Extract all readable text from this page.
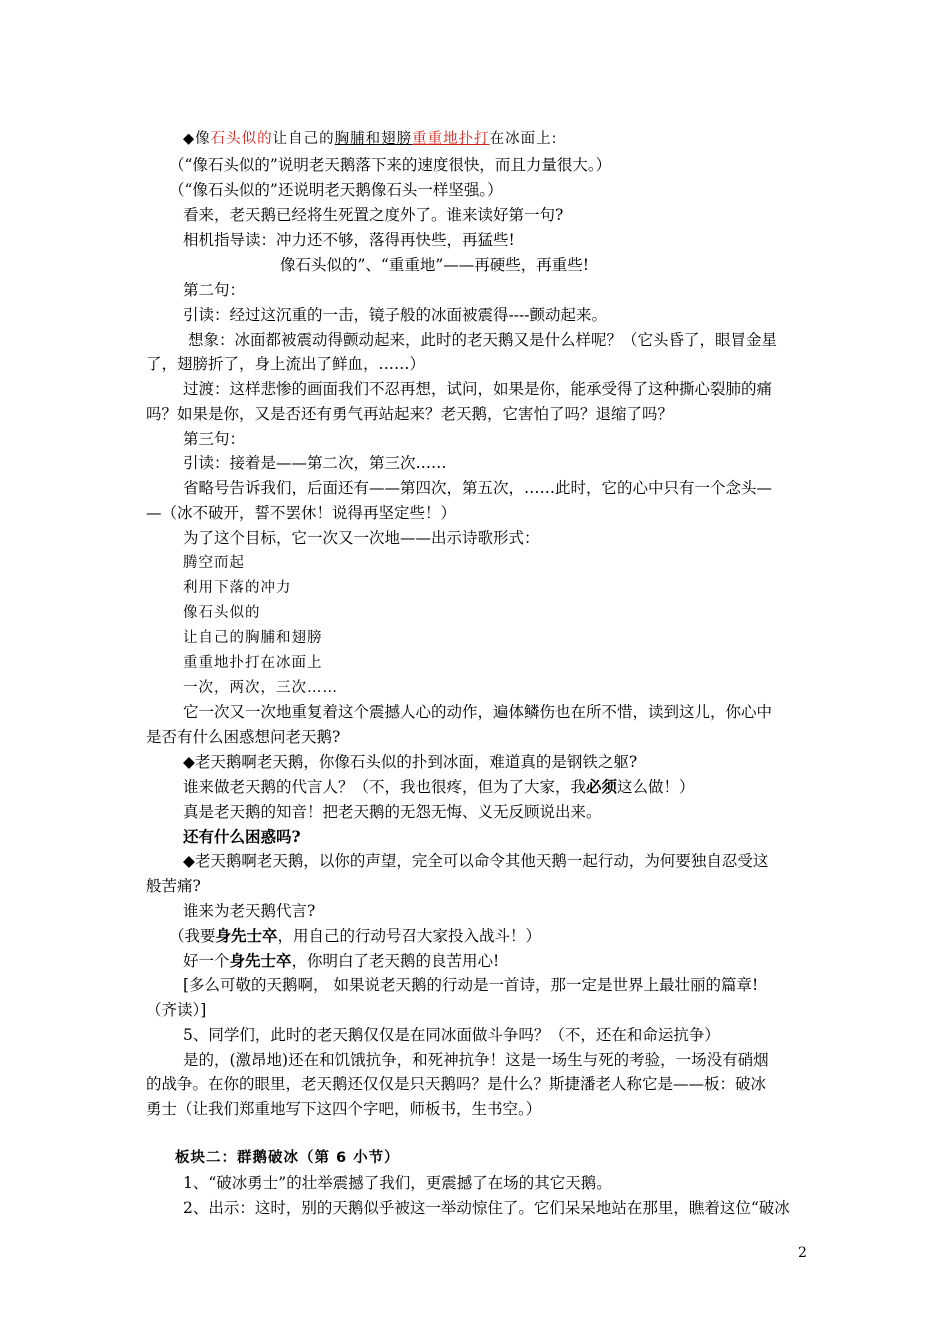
◆像石头似的让自己的胸脯和翅膀重重地扑打在冰面上:
（“像石头似的”说明老天鹅落下来的速度很快，而且力量很大。）
（“像石头似的”还说明老天鹅像石头一样坚强。）
看来，老天鹅已经将生死置之度外了。谁来读好第一句?
相机指导读：冲力还不够，落得再快些，再猛些!
像石头似的”、“重重地”——再硬些，再重些!
第二句：
引读：经过这沉重的一击，镜子般的冰面被震得----颤动起来。
想象：冰面都被震动得颤动起来，此时的老天鹅又是什么样呢？（它头昏了，眼冒金星
了，翅膀折了，身上流出了鲜血，……）
过渡：这样悲惨的画面我们不忍再想，试问，如果是你，能承受得了这种撕心裂肺的痛
吗？如果是你，又是否还有勇气再站起来？老天鹅，它害怕了吗？退缩了吗？
第三句：
引读：接着是——第二次，第三次……
省略号告诉我们，后面还有——第四次，第五次，……此时，它的心中只有一个念头—
—（冰不破开，誓不罢休！说得再坚定些！）
为了这个目标，它一次又一次地——出示诗歌形式：
腾空而起
利用下落的冲力
像石头似的
让自己的胸脯和翅膀
重重地扑打在冰面上
一次，两次，三次……
它一次又一次地重复着这个震撼人心的动作，遍体鳞伤也在所不惜，读到这儿，你心中
是否有什么困惑想问老天鹅?
◆老天鹅啊老天鹅，你像石头似的扑到冰面，难道真的是钢铁之躯?
谁来做老天鹅的代言人？（不，我也很疼，但为了大家，我必须这么做！）
真是老天鹅的知音！把老天鹅的无怨无悔、义无反顾说出来。
还有什么困惑吗?
◆老天鹅啊老天鹅，以你的声望，完全可以命令其他天鹅一起行动，为何要独自忍受这
般苦痛?
谁来为老天鹅代言?
（我要身先士卒，用自己的行动号召大家投入战斗！）
好一个身先士卒，你明白了老天鹅的良苦用心!
[多么可敬的天鹅啊， 如果说老天鹅的行动是一首诗，那一定是世界上最壮丽的篇章!
（齐读）]
5、同学们，此时的老天鹅仅仅是在同冰面做斗争吗？（不，还在和命运抗争）
是的，(激昂地)还在和饥饿抗争，和死神抗争！这是一场生与死的考验，一场没有硝烟
的战争。在你的眼里，老天鹅还仅仅是只天鹅吗？是什么？斯捷潘老人称它是——板：破冰
勇士（让我们郑重地写下这四个字吧，师板书，生书空。）
板块二：群鹅破冰（第 6 小节）
1、“破冰勇士”的壮举震撼了我们，更震撼了在场的其它天鹅。
2、出示：这时，别的天鹅似乎被这一举动惊住了。它们呆呆地站在那里，瞧着这位“破冰
2
